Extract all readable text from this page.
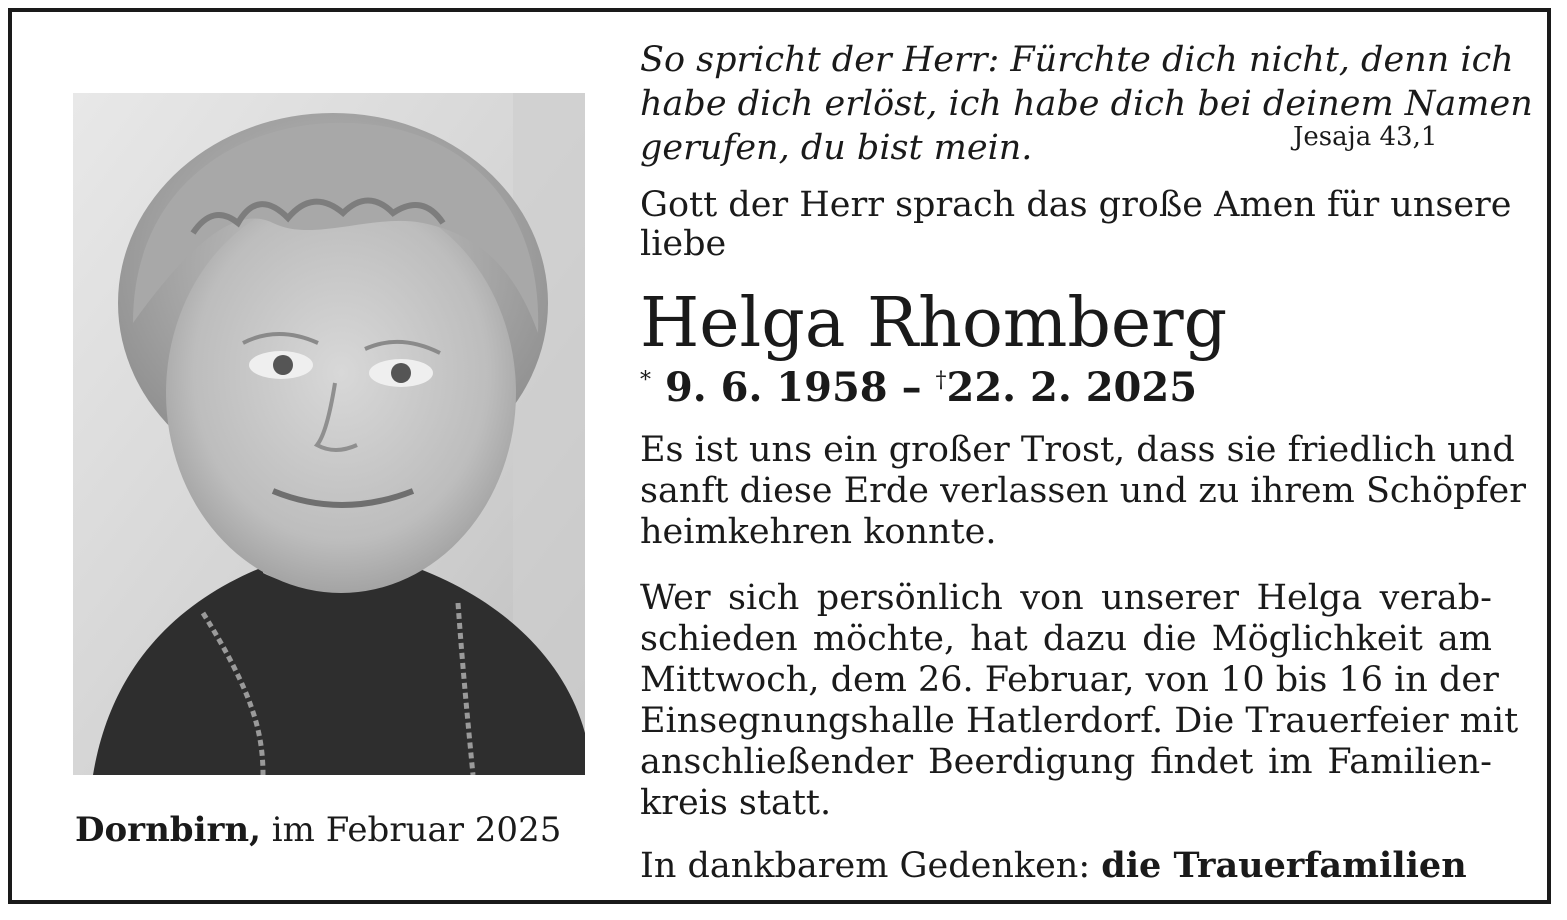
Dornbirn, im Februar 2025
So spricht der Herr: Fürchte dich nicht, denn ich
habe dich erlöst, ich habe dich bei deinem Namen
gerufen, du bist mein.	Jesaja 43,1
Gott der Herr sprach das große Amen für unsere
liebe
Helga Rhomberg
* 9. 6. 1958 – †22. 2. 2025
Es ist uns ein großer Trost, dass sie friedlich und
sanft diese Erde verlassen und zu ihrem Schöpfer
heimkehren konnte.
Wer sich persönlich von unserer Helga verab-
schieden möchte, hat dazu die Möglichkeit am
Mittwoch, dem 26. Februar, von 10 bis 16 in der
Einsegnungshalle Hatlerdorf. Die Trauerfeier mit
anschließender Beerdigung findet im Familien-
kreis statt.
In dankbarem Gedenken: die Trauerfamilien
